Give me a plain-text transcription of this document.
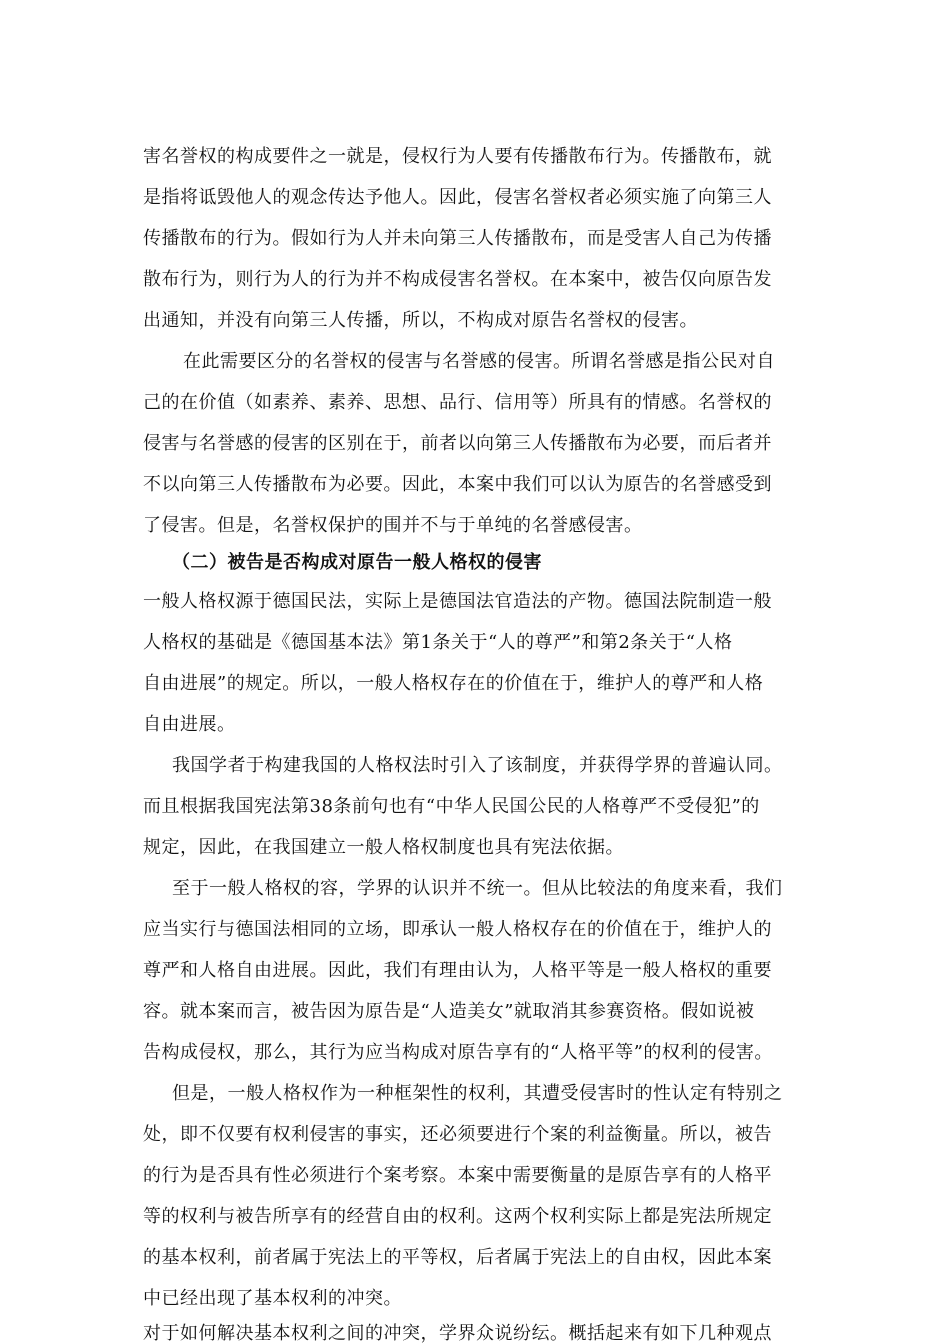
害名誉权的构成要件之一就是，侵权行为人要有传播散布行为。传播散布，就
是指将诋毁他人的观念传达予他人。因此，侵害名誉权者必须实施了向第三人
传播散布的行为。假如行为人并未向第三人传播散布，而是受害人自己为传播
散布行为，则行为人的行为并不构成侵害名誉权。在本案中，被告仅向原告发
出通知，并没有向第三人传播，所以，不构成对原告名誉权的侵害。
在此需要区分的名誉权的侵害与名誉感的侵害。所谓名誉感是指公民对自
己的在价值（如素养、素养、思想、品行、信用等）所具有的情感。名誉权的
侵害与名誉感的侵害的区别在于，前者以向第三人传播散布为必要，而后者并
不以向第三人传播散布为必要。因此，本案中我们可以认为原告的名誉感受到
了侵害。但是，名誉权保护的围并不与于单纯的名誉感侵害。
（二）被告是否构成对原告一般人格权的侵害
一般人格权源于德国民法，实际上是德国法官造法的产物。德国法院制造一般
人格权的基础是《德国基本法》第1条关于“人的尊严”和第2条关于“人格
自由进展”的规定。所以，一般人格权存在的价值在于，维护人的尊严和人格
自由进展。
我国学者于构建我国的人格权法时引入了该制度，并获得学界的普遍认同。
而且根据我国宪法第38条前句也有“中华人民国公民的人格尊严不受侵犯”的
规定，因此，在我国建立一般人格权制度也具有宪法依据。
至于一般人格权的容，学界的认识并不统一。但从比较法的角度来看，我们
应当实行与德国法相同的立场，即承认一般人格权存在的价值在于，维护人的
尊严和人格自由进展。因此，我们有理由认为，人格平等是一般人格权的重要
容。就本案而言，被告因为原告是“人造美女”就取消其参赛资格。假如说被
告构成侵权，那么，其行为应当构成对原告享有的“人格平等”的权利的侵害。
但是，一般人格权作为一种框架性的权利，其遭受侵害时的性认定有特别之
处，即不仅要有权利侵害的事实，还必须要进行个案的利益衡量。所以，被告
的行为是否具有性必须进行个案考察。本案中需要衡量的是原告享有的人格平
等的权利与被告所享有的经营自由的权利。这两个权利实际上都是宪法所规定
的基本权利，前者属于宪法上的平等权，后者属于宪法上的自由权，因此本案
中已经出现了基本权利的冲突。
对于如何解决基本权利之间的冲突，学界众说纷纭。概括起来有如下几种观点
